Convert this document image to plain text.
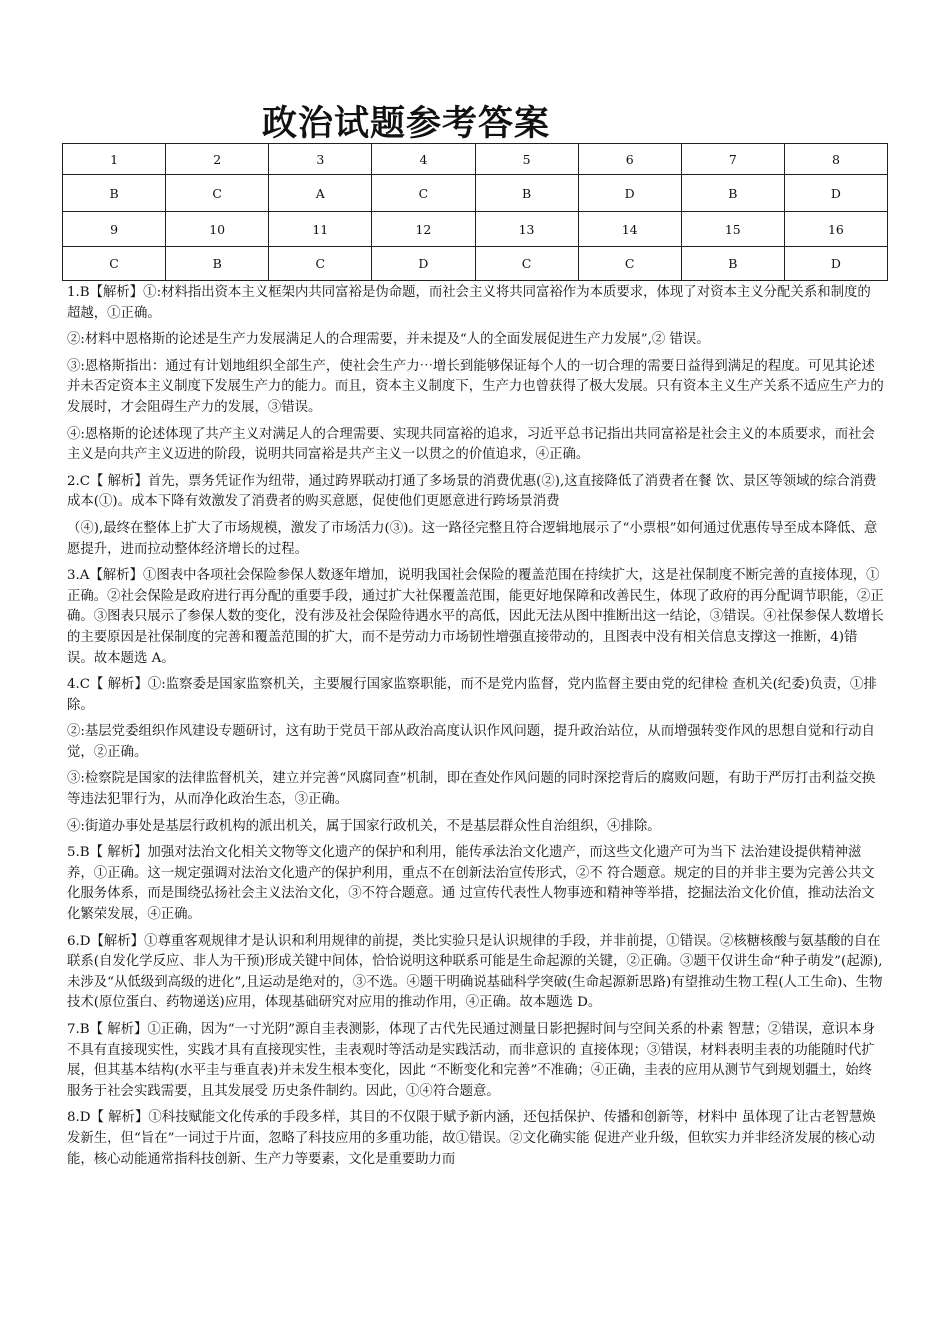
政治试题参考答案
1	2	3	4	5	6	7	8
B	C	A	C	B	D	B	D
9	10	11	12	13	14	15	16
C	B	C	D	C	C	B	D

1.B【解析】①:材料指出资本主义框架内共同富裕是伪命题，而社会主义将共同富裕作为本质要求，体现了对资本主义分配关系和制度的超越，①正确。

②:材料中恩格斯的论述是生产力发展满足人的合理需要，并未提及“人的全面发展促进生产力发展”,② 错误。

③:恩格斯指出：通过有计划地组织全部生产，使社会生产力⋯增长到能够保证每个人的一切合理的需要日益得到满足的程度。可见其论述并未否定资本主义制度下发展生产力的能力。而且，资本主义制度下，生产力也曾获得了极大发展。只有资本主义生产关系不适应生产力的发展时，才会阻碍生产力的发展，③错误。

④:恩格斯的论述体现了共产主义对满足人的合理需要、实现共同富裕的追求，习近平总书记指出共同富裕是社会主义的本质要求，而社会主义是向共产主义迈进的阶段，说明共同富裕是共产主义一以贯之的价值追求，④正确。

2.C【 解析】首先，票务凭证作为纽带，通过跨界联动打通了多场景的消费优惠(②),这直接降低了消费者在餐 饮、景区等领域的综合消费成本(①)。成本下降有效激发了消费者的购买意愿，促使他们更愿意进行跨场景消费

（④),最终在整体上扩大了市场规模，激发了市场活力(③)。这一路径完整且符合逻辑地展示了“小票根”如何通过优惠传导至成本降低、意愿提升，进而拉动整体经济增长的过程。

3.A【解析】①图表中各项社会保险参保人数逐年增加，说明我国社会保险的覆盖范围在持续扩大，这是社保制度不断完善的直接体现，①正确。②社会保险是政府进行再分配的重要手段，通过扩大社保覆盖范围，能更好地保障和改善民生，体现了政府的再分配调节职能，②正确。③图表只展示了参保人数的变化，没有涉及社会保险待遇水平的高低，因此无法从图中推断出这一结论，③错误。④社保参保人数增长的主要原因是社保制度的完善和覆盖范围的扩大，而不是劳动力市场韧性增强直接带动的，且图表中没有相关信息支撑这一推断，4)错误。故本题选 A。

4.C【 解析】①:监察委是国家监察机关，主要履行国家监察职能，而不是党内监督，党内监督主要由党的纪律检 查机关(纪委)负责，①排除。

②:基层党委组织作风建设专题研讨，这有助于党员干部从政治高度认识作风问题，提升政治站位，从而增强转变作风的思想自觉和行动自觉，②正确。

③:检察院是国家的法律监督机关，建立并完善“风腐同查”机制，即在查处作风问题的同时深挖背后的腐败问题，有助于严厉打击利益交换等违法犯罪行为，从而净化政治生态，③正确。

④:街道办事处是基层行政机构的派出机关，属于国家行政机关，不是基层群众性自治组织，④排除。

5.B【 解析】加强对法治文化相关文物等文化遗产的保护和利用，能传承法治文化遗产，而这些文化遗产可为当下 法治建设提供精神滋养，①正确。这一规定强调对法治文化遗产的保护利用，重点不在创新法治宣传形式，②不 符合题意。规定的目的并非主要为完善公共文化服务体系，而是围绕弘扬社会主义法治文化，③不符合题意。通 过宣传代表性人物事迹和精神等举措，挖掘法治文化价值，推动法治文化繁荣发展，④正确。

6.D【解析】①尊重客观规律才是认识和利用规律的前提，类比实验只是认识规律的手段，并非前提，①错误。②核糖核酸与氨基酸的自在联系(自发化学反应、非人为干预)形成关键中间体，恰恰说明这种联系可能是生命起源的关键，②正确。③题干仅讲生命“种子萌发”(起源),未涉及“从低级到高级的进化”,且运动是绝对的，③不选。④题干明确说基础科学突破(生命起源新思路)有望推动生物工程(人工生命)、生物技术(原位蛋白、药物递送)应用，体现基础研究对应用的推动作用，④正确。故本题选 D。

7.B【 解析】①正确，因为“一寸光阴”源自圭表测影，体现了古代先民通过测量日影把握时间与空间关系的朴素 智慧；②错误，意识本身不具有直接现实性，实践才具有直接现实性，圭表观时等活动是实践活动，而非意识的 直接体现；③错误，材料表明圭表的功能随时代扩展，但其基本结构(水平圭与垂直表)并未发生根本变化，因此 “不断变化和完善”不准确；④正确，圭表的应用从测节气到规划疆土，始终服务于社会实践需要，且其发展受 历史条件制约。因此，①④符合题意。

8.D【 解析】①科技赋能文化传承的手段多样，其目的不仅限于赋予新内涵，还包括保护、传播和创新等，材料中 虽体现了让古老智慧焕发新生，但“旨在”一词过于片面，忽略了科技应用的多重功能，故①错误。②文化确实能 促进产业升级，但软实力并非经济发展的核心动能，核心动能通常指科技创新、生产力等要素，文化是重要助力而
